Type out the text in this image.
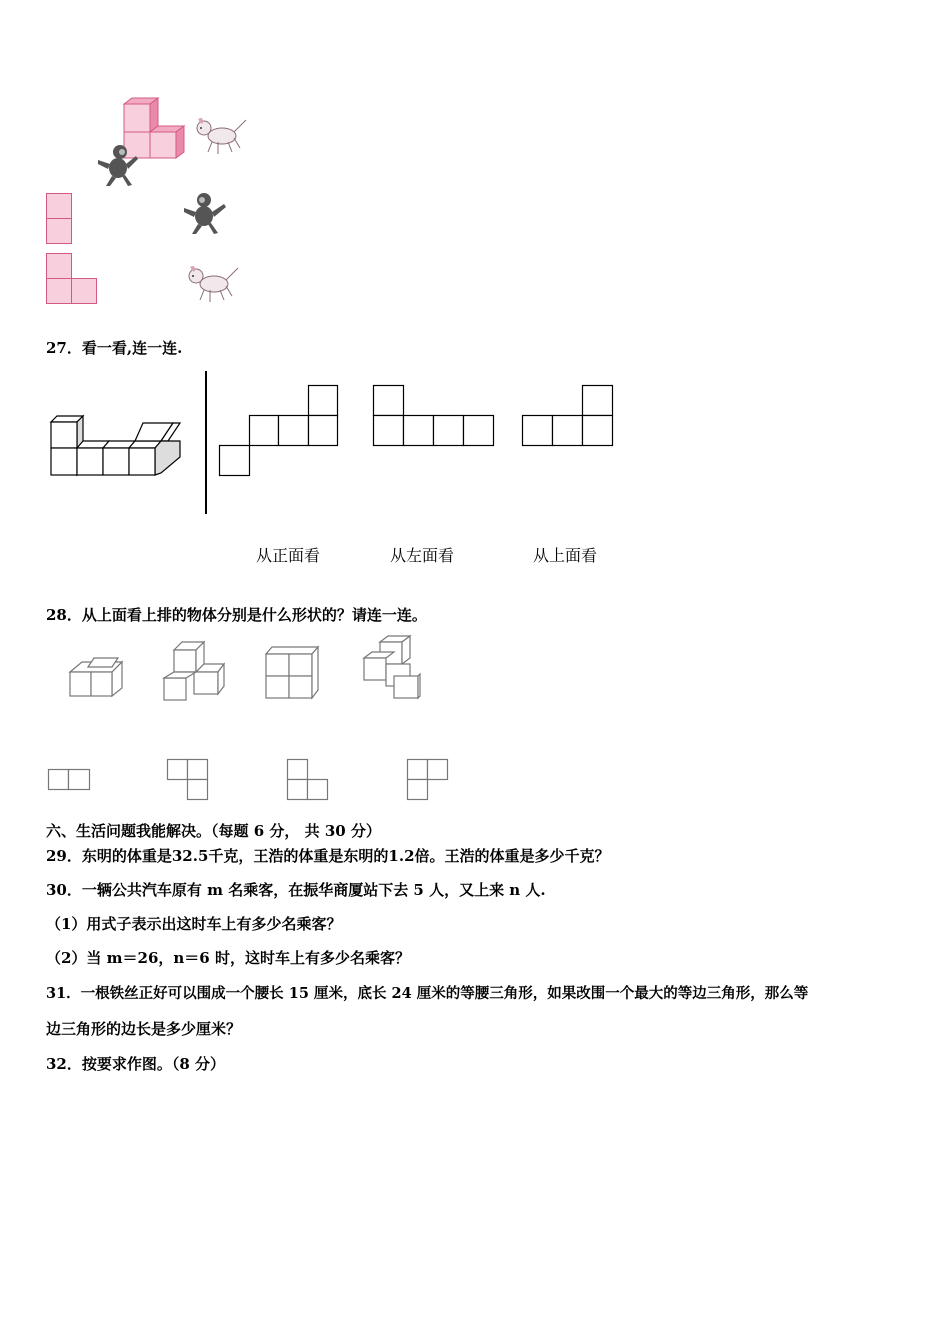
27．看一看,连一连.
从正面看	从左面看	从上面看
28．从上面看上排的物体分别是什么形状的？请连一连。
六、生活问题我能解决。（每题 6 分， 共 30 分）
29．东明的体重是32.5千克，王浩的体重是东明的1.2倍。王浩的体重是多少千克？
30．一辆公共汽车原有 m 名乘客，在振华商厦站下去 5 人，又上来 n 人.
（1）用式子表示出这时车上有多少名乘客？
（2）当 m＝26，n＝6 时，这时车上有多少名乘客？
31．一根铁丝正好可以围成一个腰长 15 厘米，底长 24 厘米的等腰三角形，如果改围一个最大的等边三角形，那么等
边三角形的边长是多少厘米？
32．按要求作图。（8 分）
